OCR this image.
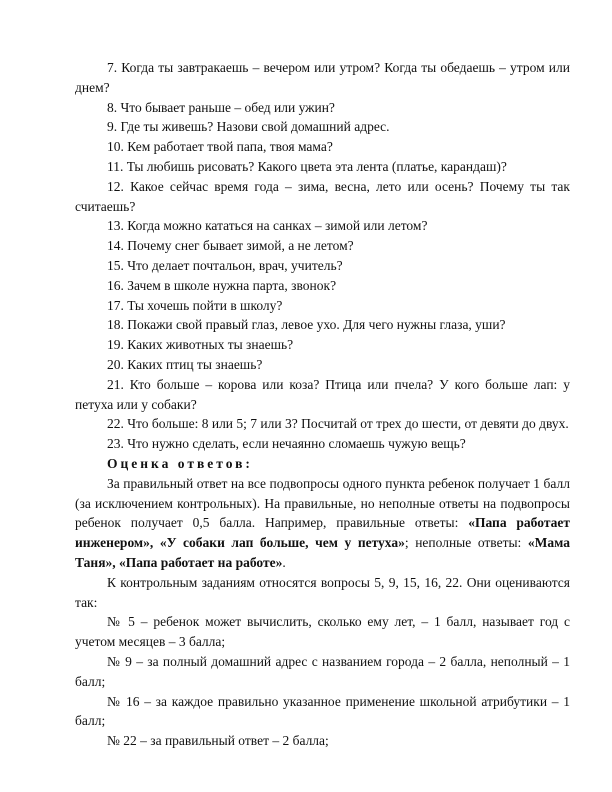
7. Когда ты завтракаешь – вечером или утром? Когда ты обедаешь – утром или днем?

8. Что бывает раньше – обед или ужин?

9. Где ты живешь? Назови свой домашний адрес.

10. Кем работает твой папа, твоя мама?

11. Ты любишь рисовать? Какого цвета эта лента (платье, карандаш)?

12. Какое сейчас время года – зима, весна, лето или осень? Почему ты так считаешь?

13. Когда можно кататься на санках – зимой или летом?

14. Почему снег бывает зимой, а не летом?

15. Что делает почтальон, врач, учитель?

16. Зачем в школе нужна парта, звонок?

17. Ты хочешь пойти в школу?

18. Покажи свой правый глаз, левое ухо. Для чего нужны глаза, уши?

19. Каких животных ты знаешь?

20. Каких птиц ты знаешь?

21. Кто больше – корова или коза? Птица или пчела? У кого больше лап: у петуха или у собаки?

22. Что больше: 8 или 5; 7 или 3? Посчитай от трех до шести, от девяти до двух.

23. Что нужно сделать, если нечаянно сломаешь чужую вещь?

Оценка ответов:

За правильный ответ на все подвопросы одного пункта ребенок получает 1 балл (за исключением контрольных). На правильные, но неполные ответы на подвопросы ребенок получает 0,5 балла. Например, правильные ответы: «Папа работает инженером», «У собаки лап больше, чем у петуха»; неполные ответы: «Мама Таня», «Папа работает на работе».

К контрольным заданиям относятся вопросы 5, 9, 15, 16, 22. Они оцениваются так:

№ 5 – ребенок может вычислить, сколько ему лет, – 1 балл, называет год с учетом месяцев – 3 балла;

№ 9 – за полный домашний адрес с названием города – 2 балла, неполный – 1 балл;

№ 16 – за каждое правильно указанное применение школьной атрибутики – 1 балл;

№ 22 – за правильный ответ – 2 балла;
